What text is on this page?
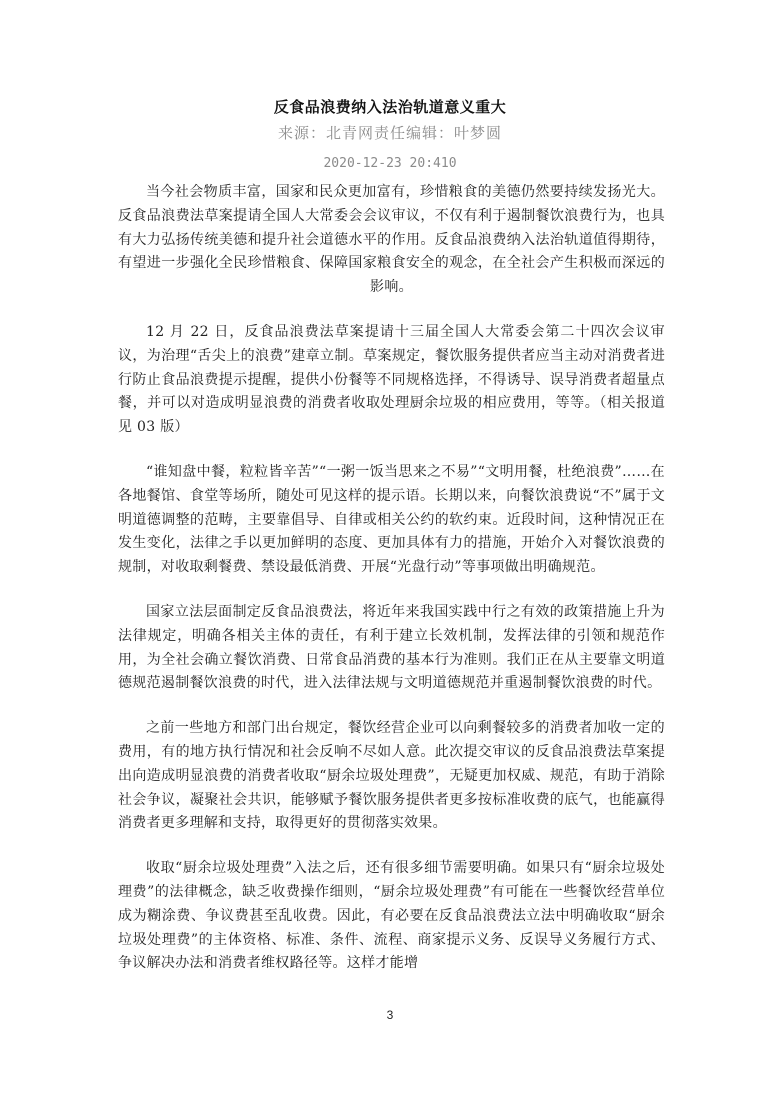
反食品浪费纳入法治轨道意义重大
来源：北青网责任编辑：叶梦圆
2020-12-23 20:410

当今社会物质丰富，国家和民众更加富有，珍惜粮食的美德仍然要持续发扬光大。反食品浪费法草案提请全国人大常委会会议审议，不仅有利于遏制餐饮浪费行为，也具有大力弘扬传统美德和提升社会道德水平的作用。反食品浪费纳入法治轨道值得期待，有望进一步强化全民珍惜粮食、保障国家粮食安全的观念，在全社会产生积极而深远的影响。

12 月 22 日，反食品浪费法草案提请十三届全国人大常委会第二十四次会议审议，为治理“舌尖上的浪费”建章立制。草案规定，餐饮服务提供者应当主动对消费者进行防止食品浪费提示提醒，提供小份餐等不同规格选择，不得诱导、误导消费者超量点餐，并可以对造成明显浪费的消费者收取处理厨余垃圾的相应费用，等等。（相关报道见 03 版）

“谁知盘中餐，粒粒皆辛苦”“一粥一饭当思来之不易”“文明用餐，杜绝浪费”……在各地餐馆、食堂等场所，随处可见这样的提示语。长期以来，向餐饮浪费说“不”属于文明道德调整的范畴，主要靠倡导、自律或相关公约的软约束。近段时间，这种情况正在发生变化，法律之手以更加鲜明的态度、更加具体有力的措施，开始介入对餐饮浪费的规制，对收取剩餐费、禁设最低消费、开展“光盘行动”等事项做出明确规范。

国家立法层面制定反食品浪费法，将近年来我国实践中行之有效的政策措施上升为法律规定，明确各相关主体的责任，有利于建立长效机制，发挥法律的引领和规范作用，为全社会确立餐饮消费、日常食品消费的基本行为准则。我们正在从主要靠文明道德规范遏制餐饮浪费的时代，进入法律法规与文明道德规范并重遏制餐饮浪费的时代。

之前一些地方和部门出台规定，餐饮经营企业可以向剩餐较多的消费者加收一定的费用，有的地方执行情况和社会反响不尽如人意。此次提交审议的反食品浪费法草案提出向造成明显浪费的消费者收取“厨余垃圾处理费”，无疑更加权威、规范，有助于消除社会争议，凝聚社会共识，能够赋予餐饮服务提供者更多按标准收费的底气，也能赢得消费者更多理解和支持，取得更好的贯彻落实效果。

收取“厨余垃圾处理费”入法之后，还有很多细节需要明确。如果只有“厨余垃圾处理费”的法律概念，缺乏收费操作细则，“厨余垃圾处理费”有可能在一些餐饮经营单位成为糊涂费、争议费甚至乱收费。因此，有必要在反食品浪费法立法中明确收取“厨余垃圾处理费”的主体资格、标准、条件、流程、商家提示义务、反误导义务履行方式、争议解决办法和消费者维权路径等。这样才能增

3
